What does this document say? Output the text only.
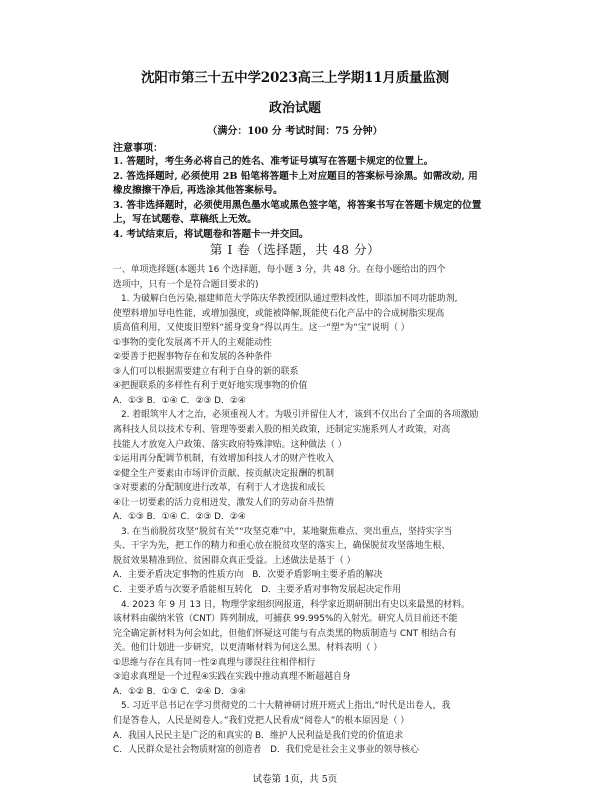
沈阳市第三十五中学2023高三上学期11月质量监测
政治试题
（满分：100 分 考试时间：75 分钟）
注意事项：
1. 答题时，考生务必将自己的姓名、准考证号填写在答题卡规定的位置上。
2. 答选择题时, 必须使用 2B 铅笔将答题卡上对应题目的答案标号涂黑。如需改动, 用
橡皮擦擦干净后, 再选涂其他答案标号。
3. 答非选择题时，必须使用黑色墨水笔或黑色签字笔，将答案书写在答题卡规定的位置
上，写在试题卷、草稿纸上无效。
4. 考试结束后，将试题卷和答题卡一并交回。
第 I 卷（选择题，共 48 分）
一、单项选择题(本题共 16 个选择题，每小题 3 分，共 48 分。在每小题给出的四个
选项中，只有一个是符合题目要求的)
1. 为破解白色污染,福建师范大学陈庆华教授团队通过塑料改性，即添加不同功能助剂,
使塑料增加导电性能，或增加强度，或能被降解,既能使石化产品中的合成树脂实现高
质高值利用，又使废旧塑料“摇身变身”得以再生。这一“塑”为“宝”说明（ ）
①事物的变化发展离不开人的主观能动性
②要善于把握事物存在和发展的各种条件
③人们可以根据需要建立有利于自身的新的联系
④把握联系的多样性有利于更好地实现事物的价值
A．①③ B．①④ C．②③ D．②④
2. 着眼筑牢人才之治，必须重视人才。为吸引并留住人才，该到不仅出台了全面的各项激励
离科技人员以技术专利、管理等要素入股的相关政策，还制定实施系列人才政策，对高
技能人才放宽入户政策、落实政府特殊津贴。这种做法（ ）
①运用再分配调节机制，有效增加科技人才的财产性收入
②健全生产要素由市场评价贡献、按贡献决定报酬的机制
③对要素的分配制度进行改革，有利于人才选拔和成长
④让一切要素的活力竞相迸发，激发人们的劳动奋斗热情
A．①③ B．①④ C．②③ D．②④
3. 在当前脱贫攻坚“脱贫有关”“攻坚克难”中，某地聚焦难点、突出重点，坚持实字当
头、干字为先，把工作的精力和重心放在脱贫攻坚的落实上，确保脱贫攻坚落地生根、
脱贫效果精准到位、贫困群众真正受益。上述做法是基于（ ）
A．主要矛盾决定事物的性质方向　B．次要矛盾影响主要矛盾的解决
C．主要矛盾与次要矛盾能相互转化　D．主要矛盾对事物发展起决定作用
4. 2023 年 9 月 13 日，物理学家组织网报道，科学家近期研制出有史以来最黑的材料。
该材料由碳纳米管（CNT）阵列制成，可捕获 99.995%的入射光。研究人员目前还不能
完全确定新材料为何会如此，但他们怀疑这可能与有点类黑的物质制造与 CNT 相结合有
关。他们计划进一步研究，以更清晰材料为何这么黑。材料表明（ ）
①思维与存在具有同一性②真理与谬误往往相伴相行
③追求真理是一个过程④实践在实践中推动真理不断超越自身
A．①② B．①③ C．②④ D．③④
5. 习近平总书记在学习贯彻党的二十大精神研讨班开班式上指出,“时代是出卷人，我
们是答卷人，人民是阅卷人。”我们党把人民看成“阅卷人”的根本原因是（ ）
A．我国人民民主是广泛的和真实的 B．维护人民利益是我们党的价值追求
C．人民群众是社会物质财富的创造者　D．我们党是社会主义事业的领导核心
试卷第 1页，共 5页
